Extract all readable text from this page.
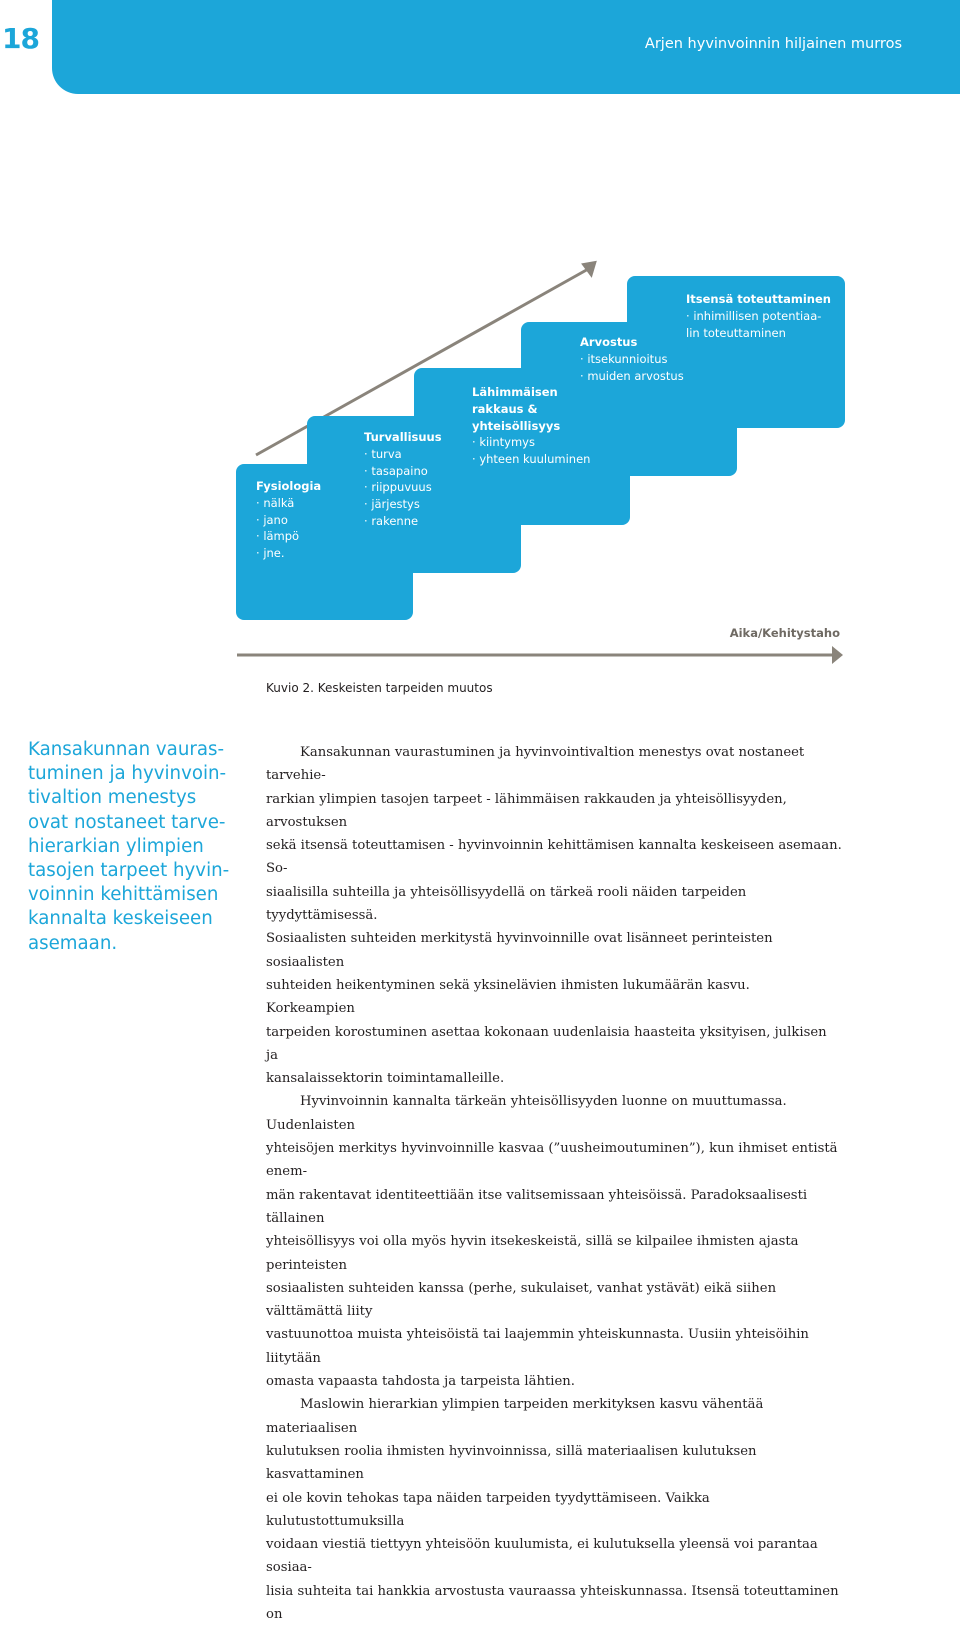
18	Arjen hyvinvoinnin hiljainen murros
Fysiologia
· nälkä
· jano
· lämpö
· jne.
Turvallisuus
· turva
· tasapaino
· riippuvuus
· järjestys
· rakenne
Lähimmäisen
rakkaus &
yhteisöllisyys
· kiintymys
· yhteen kuuluminen
Arvostus
· itsekunnioitus
· muiden arvostus
Itsensä toteuttaminen
· inhimillisen potentiaa-
lin toteuttaminen
Aika/Kehitystaho
Kuvio 2. Keskeisten tarpeiden muutos
Kansakunnan vauras-
tuminen ja hyvinvoin-
tivaltion menestys
ovat nostaneet tarve-
hierarkian ylimpien
tasojen tarpeet hyvin-
voinnin kehittämisen
kannalta keskeiseen
asemaan.

Kansakunnan vaurastuminen ja hyvinvointivaltion menestys ovat nostaneet tarvehie-
rarkian ylimpien tasojen tarpeet - lähimmäisen rakkauden ja yhteisöllisyyden, arvostuksen
sekä itsensä toteuttamisen - hyvinvoinnin kehittämisen kannalta keskeiseen asemaan. So-
siaalisilla suhteilla ja yhteisöllisyydellä on tärkeä rooli näiden tarpeiden tyydyttämisessä.
Sosiaalisten suhteiden merkitystä hyvinvoinnille ovat lisänneet perinteisten sosiaalisten
suhteiden heikentyminen sekä yksinelävien ihmisten lukumäärän kasvu. Korkeampien
tarpeiden korostuminen asettaa kokonaan uudenlaisia haasteita yksityisen, julkisen ja
kansalaissektorin toimintamalleille.

Hyvinvoinnin kannalta tärkeän yhteisöllisyyden luonne on muuttumassa. Uudenlaisten
yhteisöjen merkitys hyvinvoinnille kasvaa (”uusheimoutuminen”), kun ihmiset entistä enem-
män rakentavat identiteettiään itse valitsemissaan yhteisöissä. Paradoksaalisesti tällainen
yhteisöllisyys voi olla myös hyvin itsekeskeistä, sillä se kilpailee ihmisten ajasta perinteisten
sosiaalisten suhteiden kanssa (perhe, sukulaiset, vanhat ystävät) eikä siihen välttämättä liity
vastuunottoa muista yhteisöistä tai laajemmin yhteiskunnasta. Uusiin yhteisöihin liitytään
omasta vapaasta tahdosta ja tarpeista lähtien.

Maslowin hierarkian ylimpien tarpeiden merkityksen kasvu vähentää materiaalisen
kulutuksen roolia ihmisten hyvinvoinnissa, sillä materiaalisen kulutuksen kasvattaminen
ei ole kovin tehokas tapa näiden tarpeiden tyydyttämiseen. Vaikka kulutustottumuksilla
voidaan viestiä tiettyyn yhteisöön kuulumista, ei kulutuksella yleensä voi parantaa sosiaa-
lisia suhteita tai hankkia arvostusta vauraassa yhteiskunnassa. Itsensä toteuttaminen on
